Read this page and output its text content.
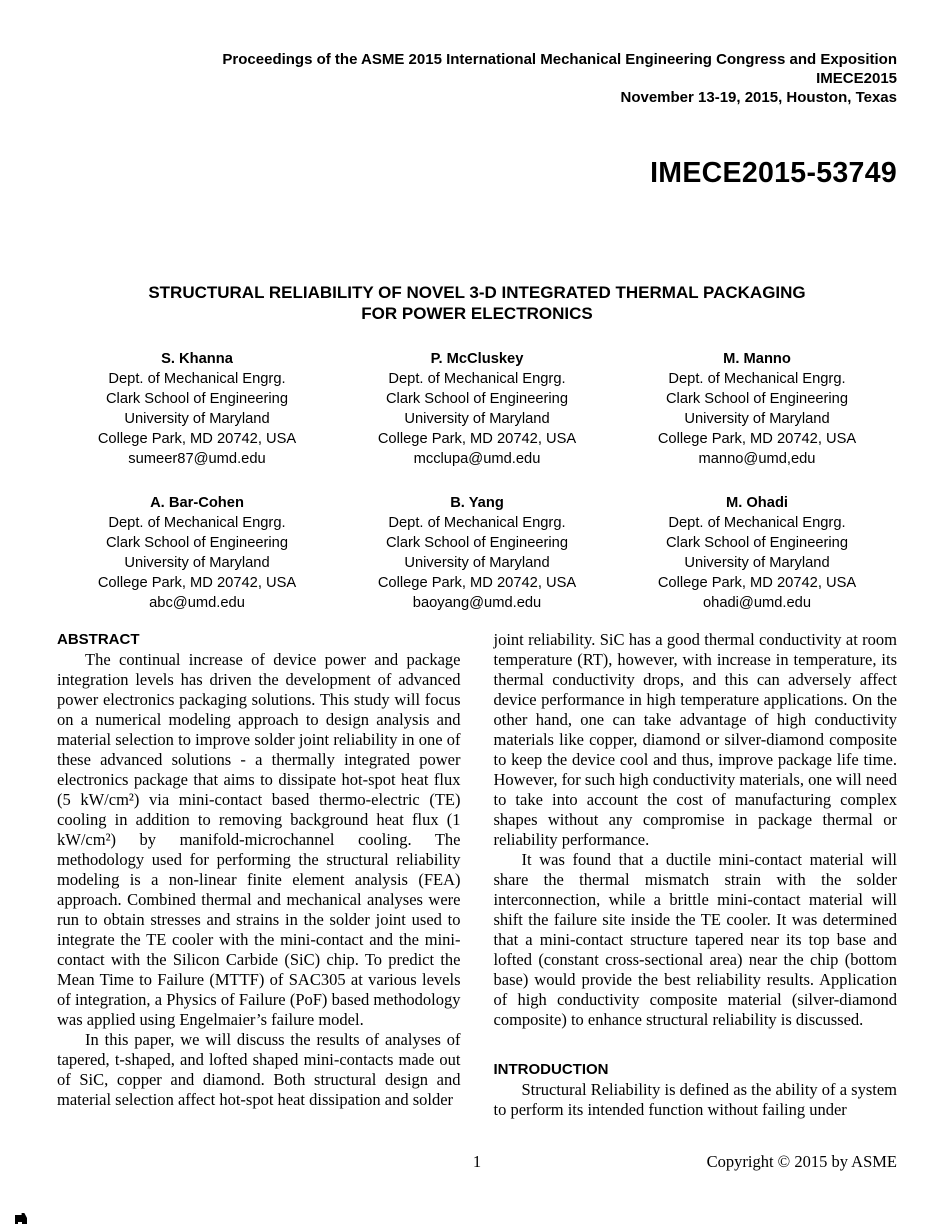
Proceedings of the ASME 2015 International Mechanical Engineering Congress and Exposition
IMECE2015
November 13-19, 2015, Houston, Texas
IMECE2015-53749
STRUCTURAL RELIABILITY OF NOVEL 3-D INTEGRATED THERMAL PACKAGING
FOR POWER ELECTRONICS
S. Khanna
Dept. of Mechanical Engrg.
Clark School of Engineering
University of Maryland
College Park, MD 20742, USA
sumeer87@umd.edu
P. McCluskey
Dept. of Mechanical Engrg.
Clark School of Engineering
University of Maryland
College Park, MD 20742, USA
mcclupa@umd.edu
M. Manno
Dept. of Mechanical Engrg.
Clark School of Engineering
University of Maryland
College Park, MD 20742, USA
manno@umd,edu
A. Bar-Cohen
Dept. of Mechanical Engrg.
Clark School of Engineering
University of Maryland
College Park, MD 20742, USA
abc@umd.edu
B. Yang
Dept. of Mechanical Engrg.
Clark School of Engineering
University of Maryland
College Park, MD 20742, USA
baoyang@umd.edu
M. Ohadi
Dept. of Mechanical Engrg.
Clark School of Engineering
University of Maryland
College Park, MD 20742, USA
ohadi@umd.edu
ABSTRACT

The continual increase of device power and package integration levels has driven the development of advanced power electronics packaging solutions. This study will focus on a numerical modeling approach to design analysis and material selection to improve solder joint reliability in one of these advanced solutions - a thermally integrated power electronics package that aims to dissipate hot-spot heat flux (5 kW/cm²) via mini-contact based thermo-electric (TE) cooling in addition to removing background heat flux (1 kW/cm²) by manifold-microchannel cooling. The methodology used for performing the structural reliability modeling is a non-linear finite element analysis (FEA) approach. Combined thermal and mechanical analyses were run to obtain stresses and strains in the solder joint used to integrate the TE cooler with the mini-contact and the mini-contact with the Silicon Carbide (SiC) chip. To predict the Mean Time to Failure (MTTF) of SAC305 at various levels of integration, a Physics of Failure (PoF) based methodology was applied using Engelmaier’s failure model.

In this paper, we will discuss the results of analyses of tapered, t-shaped, and lofted shaped mini-contacts made out of SiC, copper and diamond. Both structural design and material selection affect hot-spot heat dissipation and solder

joint reliability. SiC has a good thermal conductivity at room temperature (RT), however, with increase in temperature, its thermal conductivity drops, and this can adversely affect device performance in high temperature applications. On the other hand, one can take advantage of high conductivity materials like copper, diamond or silver-diamond composite to keep the device cool and thus, improve package life time. However, for such high conductivity materials, one will need to take into account the cost of manufacturing complex shapes without any compromise in package thermal or reliability performance.

It was found that a ductile mini-contact material will share the thermal mismatch strain with the solder interconnection, while a brittle mini-contact material will shift the failure site inside the TE cooler. It was determined that a mini-contact structure tapered near its top base and lofted (constant cross-sectional area) near the chip (bottom base) would provide the best reliability results. Application of high conductivity composite material (silver-diamond composite) to enhance structural reliability is discussed.

INTRODUCTION

Structural Reliability is defined as the ability of a system to perform its intended function without failing under

1	Copyright © 2015 by ASME
